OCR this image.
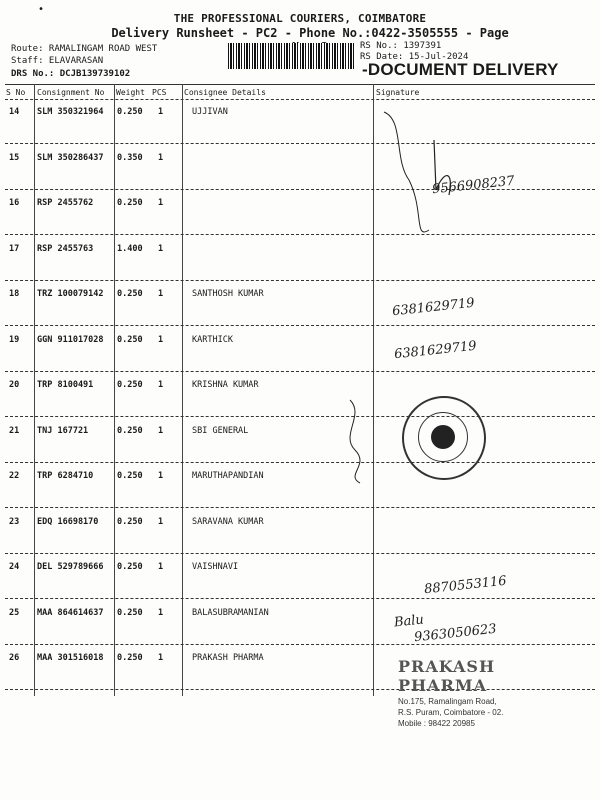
•
THE PROFESSIONAL COURIERS, COIMBATORE
Delivery Runsheet - PC2 - Phone No.:0422-3505555 - Page
Route: RAMALINGAM ROAD WEST
Staff: ELAVARASAN
DRS No.: DCJB139739102
RS No.: 1397391
RS Date: 15-Jul-2024
-DOCUMENT DELIVERY
S No Consignment No Weight PCS Consignee Details	Signature
14 SLM 350321964 0.250 1	UJJIVAN
15 SLM 350286437 0.350 1
16 RSP 2455762	0.250 1
17 RSP 2455763	1.400 1
18 TRZ 100079142 0.250 1	SANTHOSH KUMAR
19 GGN 911017028 0.250 1	KARTHICK
20 TRP 8100491	0.250 1	KRISHNA KUMAR
21 TNJ 167721	0.250 1	SBI GENERAL
22 TRP 6284710	0.250 1	MARUTHAPANDIAN
23 EDQ 16698170 0.250 1	SARAVANA KUMAR
24 DEL 529789666 0.250 1	VAISHNAVI
25 MAA 864614637 0.250 1	BALASUBRAMANIAN
26 MAA 301516018 0.250 1	PRAKASH PHARMA
9566908237
6381629719
6381629719
8870553116
Balu
9363050623
PRAKASH PHARMA
No.175, Ramalingam Road,
R.S. Puram, Coimbatore - 02.
Mobile : 98422 20985
